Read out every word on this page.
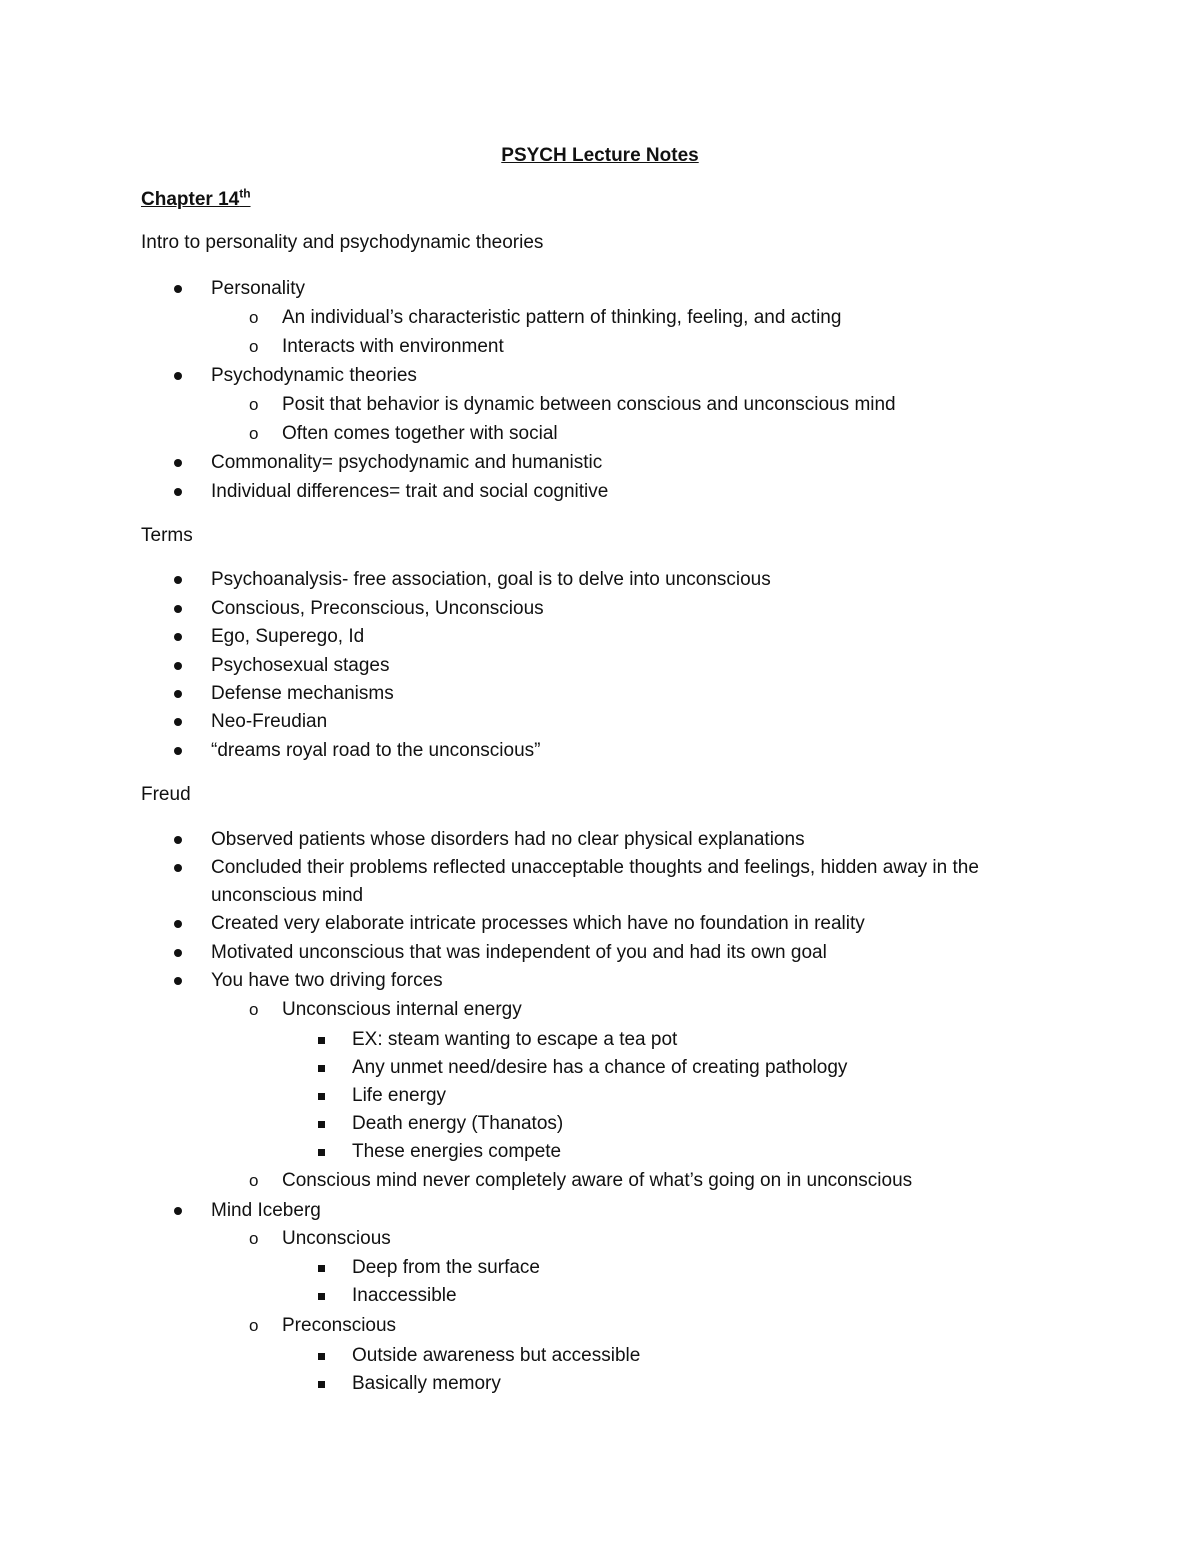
PSYCH Lecture Notes
Chapter 14th
Intro to personality and psychodynamic theories
Personality
o An individual’s characteristic pattern of thinking, feeling, and acting
o Interacts with environment
Psychodynamic theories
o Posit that behavior is dynamic between conscious and unconscious mind
o Often comes together with social
Commonality= psychodynamic and humanistic
Individual differences= trait and social cognitive
Terms
Psychoanalysis- free association, goal is to delve into unconscious
Conscious, Preconscious, Unconscious
Ego, Superego, Id
Psychosexual stages
Defense mechanisms
Neo-Freudian
“dreams royal road to the unconscious”
Freud
Observed patients whose disorders had no clear physical explanations
Concluded their problems reflected unacceptable thoughts and feelings, hidden away in the
unconscious mind
Created very elaborate intricate processes which have no foundation in reality
Motivated unconscious that was independent of you and had its own goal
You have two driving forces
o Unconscious internal energy
EX: steam wanting to escape a tea pot
Any unmet need/desire has a chance of creating pathology
Life energy
Death energy (Thanatos)
These energies compete
o Conscious mind never completely aware of what’s going on in unconscious
Mind Iceberg
o Unconscious
Deep from the surface
Inaccessible
o Preconscious
Outside awareness but accessible
Basically memory
